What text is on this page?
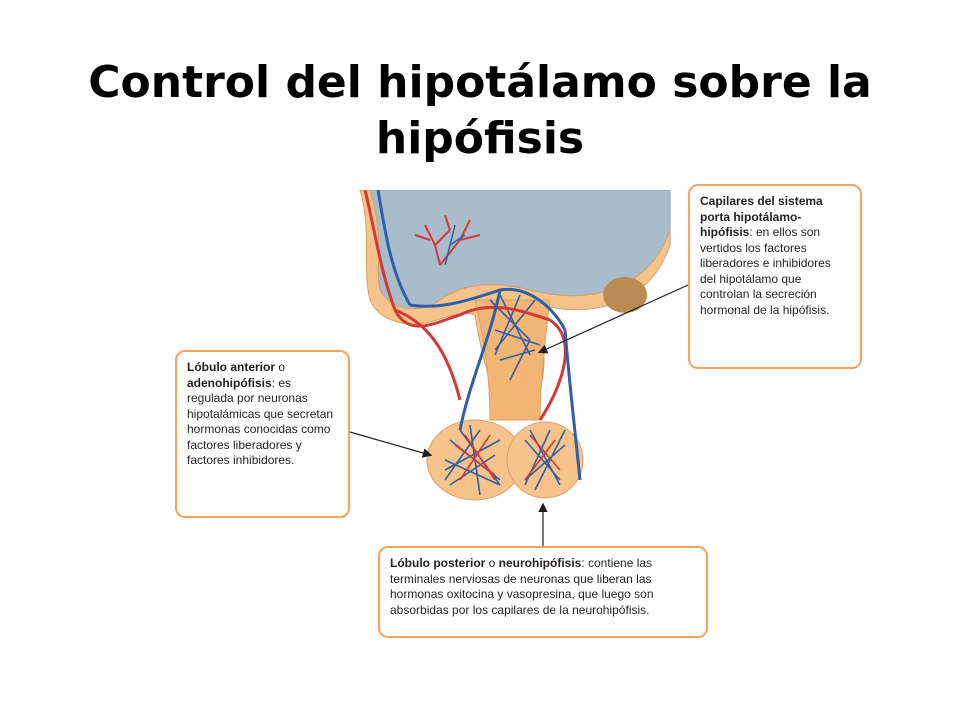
Control del hipotálamo sobre la
hipófisis
Capilares del sistema porta hipotálamo-hipófisis: en ellos son vertidos los factores liberadores e inhibidores del hipotálamo que controlan la secreción hormonal de la hipófisis.
Lóbulo anterior o adenohipófisis: es regulada por neuronas hipotalámicas que secretan hormonas conocidas como factores liberadores y factores inhibidores.
Lóbulo posterior o neurohipófisis: contiene las terminales nerviosas de neuronas que liberan las hormonas oxitocina y vasopresina, que luego son absorbidas por los capilares de la neurohipófisis.
